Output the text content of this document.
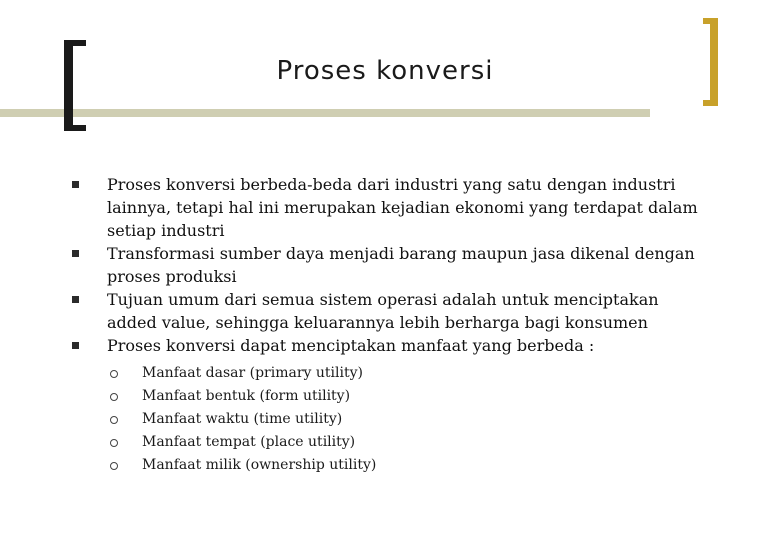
Proses konversi
Proses konversi berbeda-beda dari industri yang satu dengan industri lainnya, tetapi hal ini merupakan kejadian ekonomi yang terdapat dalam setiap industri
Transformasi sumber daya menjadi barang maupun jasa dikenal dengan proses produksi
Tujuan umum dari semua sistem operasi adalah untuk menciptakan added value, sehingga keluarannya lebih berharga bagi konsumen
Proses konversi dapat menciptakan manfaat yang berbeda :
Manfaat dasar (primary utility)
Manfaat bentuk (form utility)
Manfaat waktu (time utility)
Manfaat tempat (place utility)
Manfaat milik (ownership utility)
